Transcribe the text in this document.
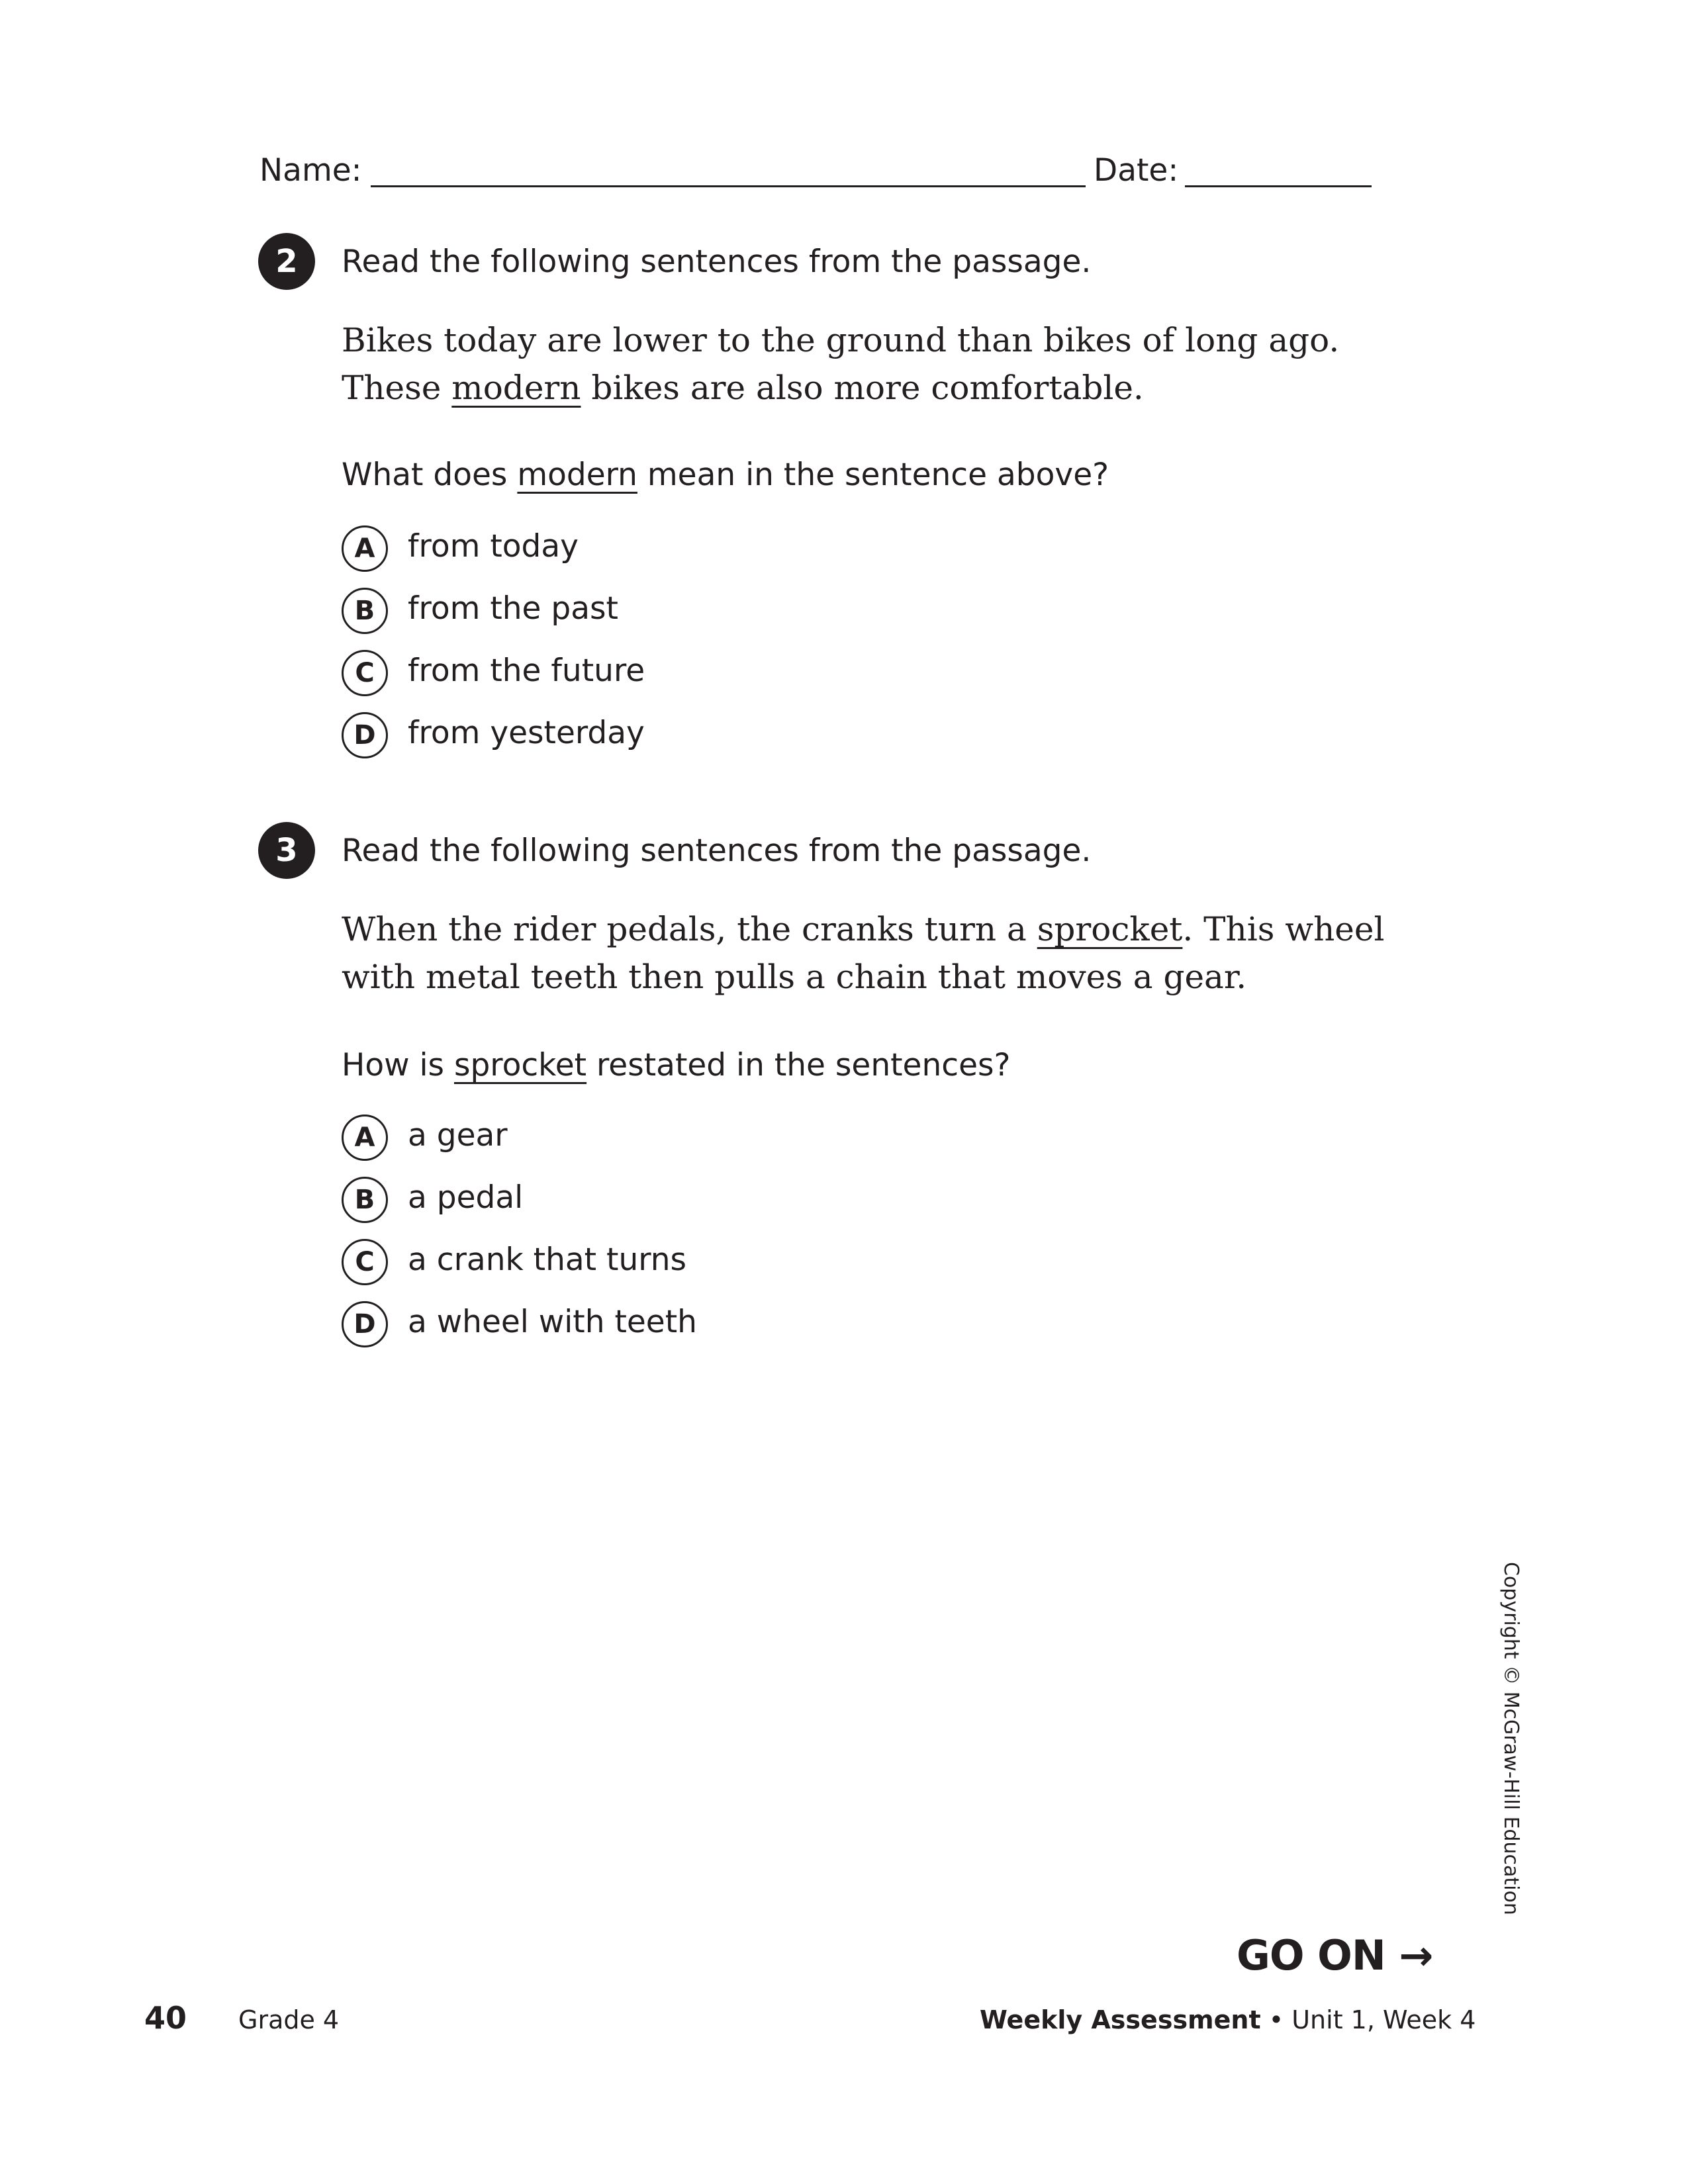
Name:	Date:
2	Read the following sentences from the passage.
Bikes today are lower to the ground than bikes of long ago. These modern bikes are also more comfortable.
What does modern mean in the sentence above?
A	from today
B	from the past
C	from the future
D	from yesterday
3	Read the following sentences from the passage.
When the rider pedals, the cranks turn a sprocket. This wheel with metal teeth then pulls a chain that moves a gear.
How is sprocket restated in the sentences?
A	a gear
B	a pedal
C	a crank that turns
D	a wheel with teeth
Copyright © McGraw-Hill Education
GO ON →
40 Grade 4	Weekly Assessment • Unit 1, Week 4
